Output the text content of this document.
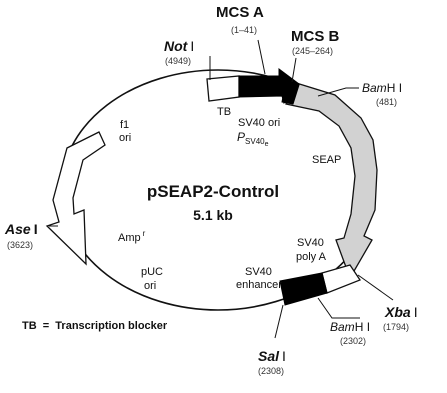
pSEAP2-Control
5.1 kb
MCS A
(1–41) MCS B
(245–264)
Not I
(4949)
BamH I
(481)
Ase I
(3623)
Xba I
(1794)
BamH I
(2302)
Sal I
(2308)
TB
SV40 ori
PSV40e
SEAP
f1
ori
Amp $^r$
pUC
ori
SV40
enhancer
SV40
poly A
TB  =  Transcription blocker
